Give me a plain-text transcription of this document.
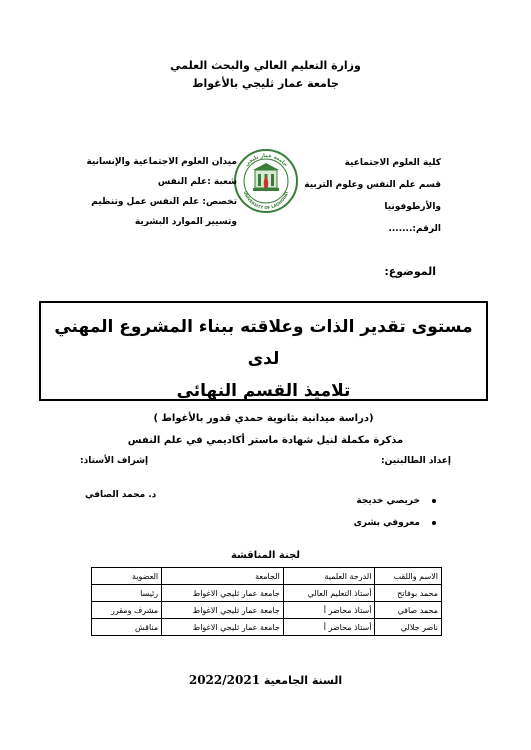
وزارة التعليم العالي والبحث العلمي
جامعة عمار ثليجي بالأغواط
كلية العلوم الاجتماعية
قسم علم النفس وعلوم التربية
والأرطوفونيا
الرقم:.......
جامعة عمار ثليجي
UNIVERSITY OF LAGHOUAT
ميدان العلوم الاجتماعية والإنسانية
شعبة :علم النفس
تخصص: علم النفس عمل وتنظيم
وتسيير الموارد البشرية
الموضوع:
مستوى تقدير الذات وعلاقته ببناء المشروع المهني لدى
تلاميذ القسم النهائي
(دراسة ميدانية بثانوية حمدي قدور بالأغواط )
مذكرة مكملة لنيل شهادة ماستر أكاديمي في علم النفس
إعداد الطالبتين:
إشراف الأستاذ:
خريصي خديجة
معروفي بشرى
د. محمد الصافي
لجنة المناقشة
الاسم واللقب	الدرجة العلمية	الجامعة	العضوية
محمد بوفاتح	أستاذ التعليم العالي	جامعة عمار ثليجي الاغواط	رئيسا
محمد صافي	أستاذ محاضر أ	جامعة عمار ثليجي الاغواط	مشرف ومقرر
ناصر جلالي	أستاذ محاضر أ	جامعة عمار ثليجي الاغواط	مناقش
السنة الجامعية 2022/2021
